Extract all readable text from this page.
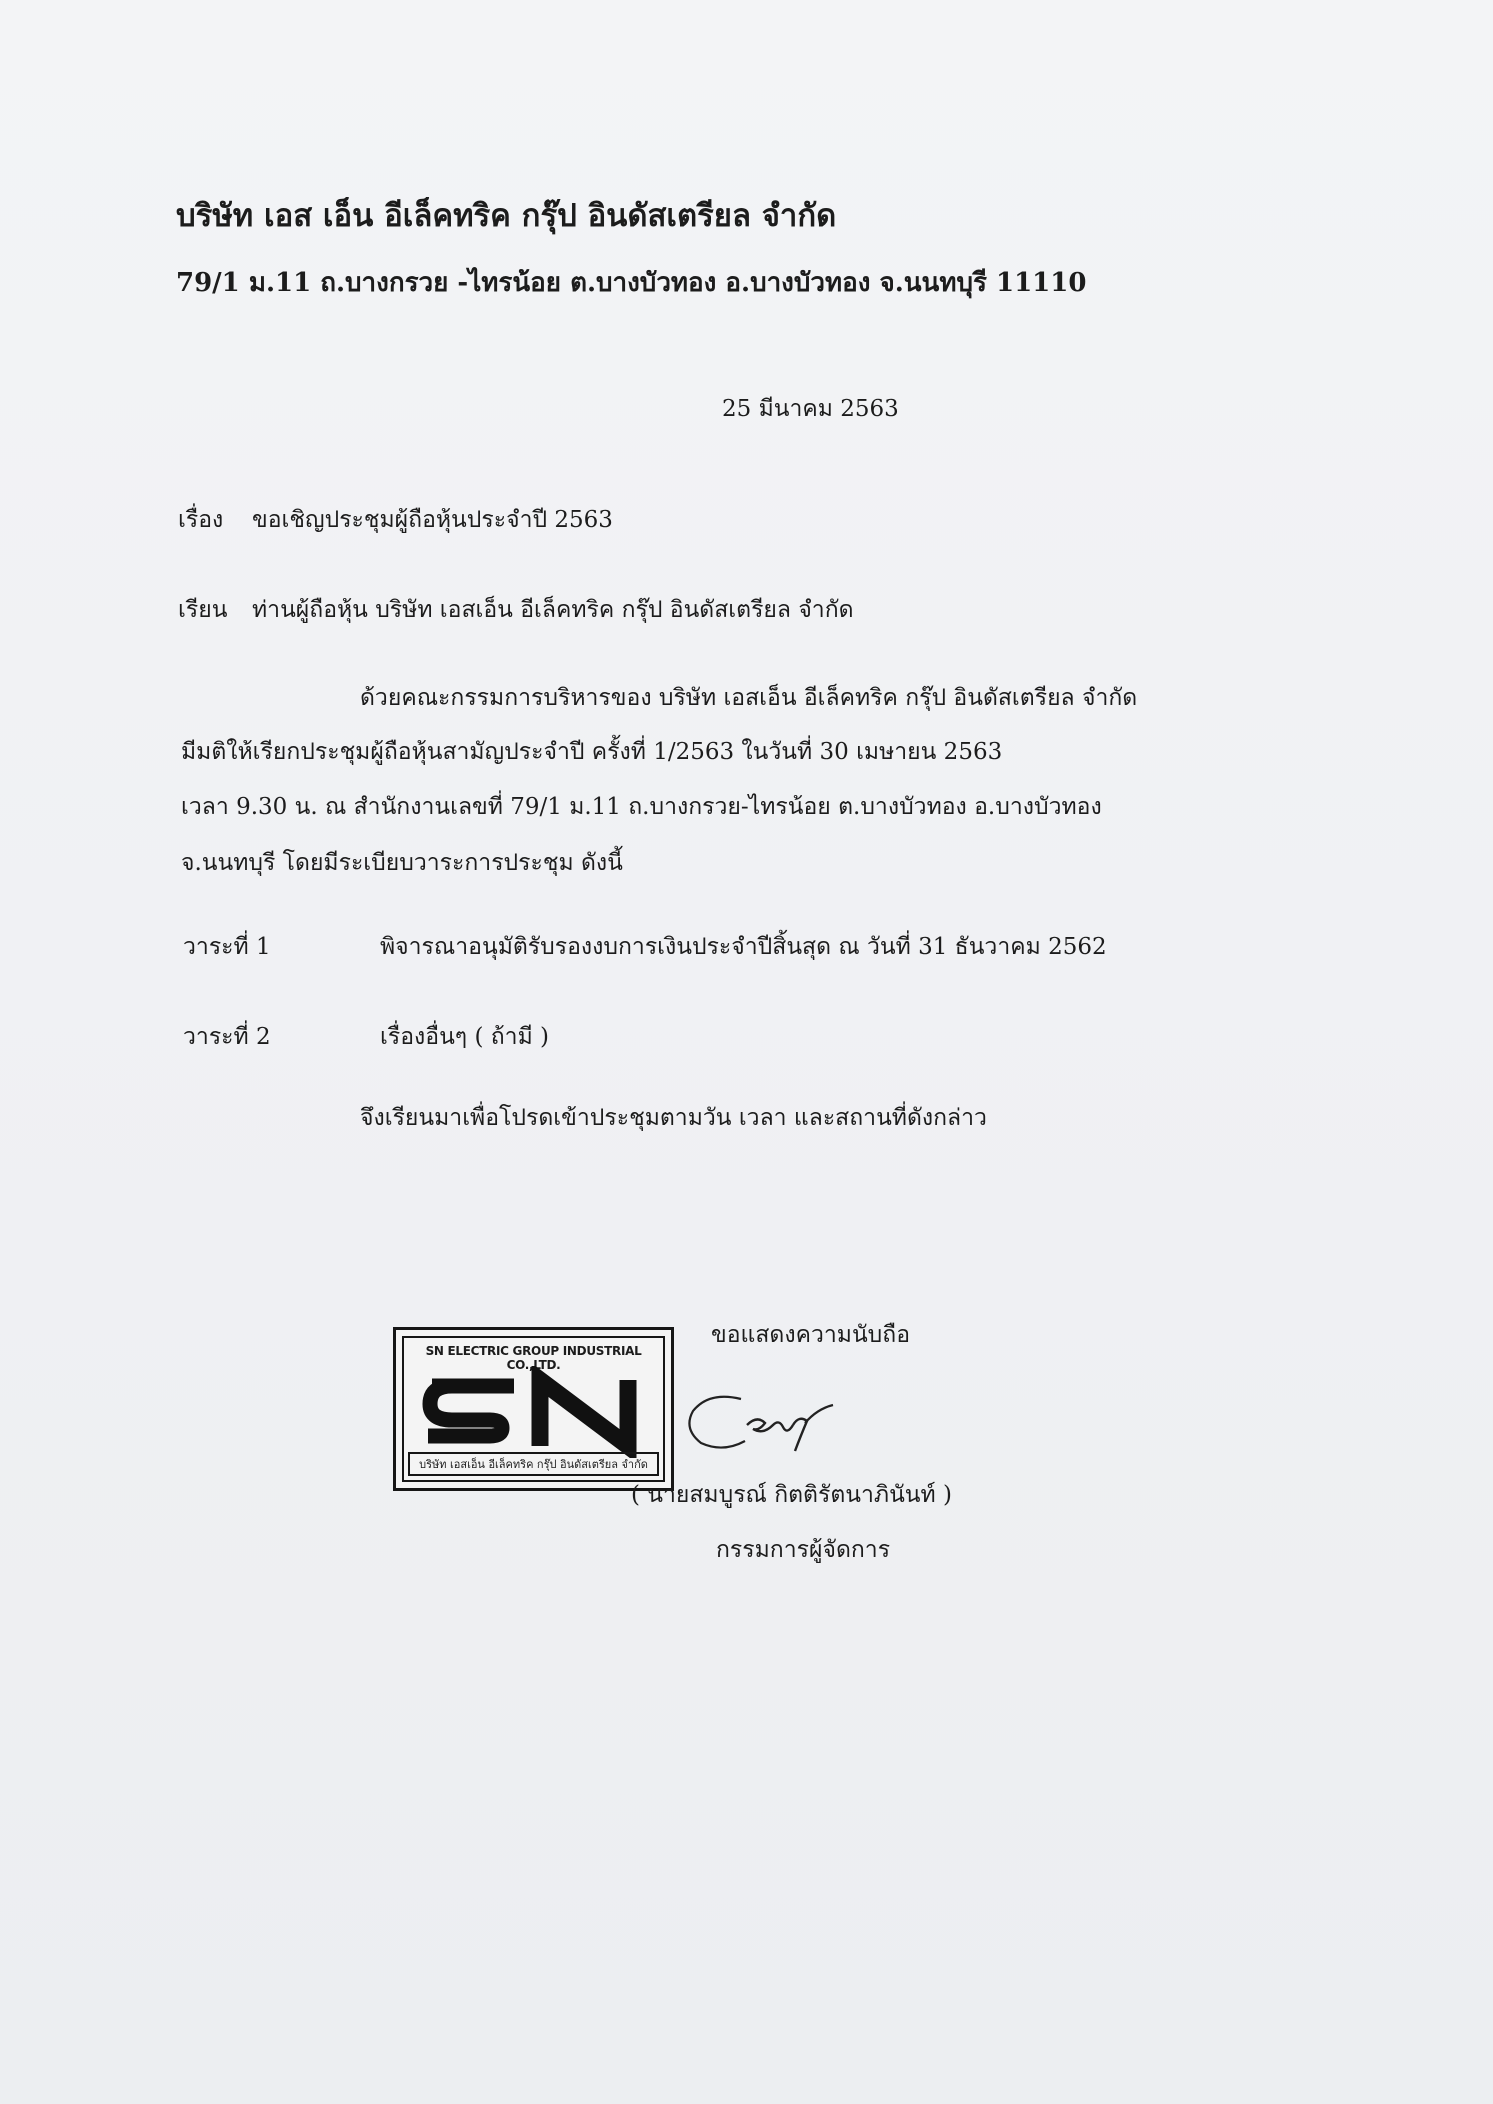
บริษัท เอส เอ็น อีเล็คทริค กรุ๊ป อินดัสเตรียล จำกัด
79/1 ม.11 ถ.บางกรวย -ไทรน้อย ต.บางบัวทอง อ.บางบัวทอง จ.นนทบุรี 11110
25 มีนาคม 2563
เรื่อง ขอเชิญประชุมผู้ถือหุ้นประจำปี 2563
เรียน ท่านผู้ถือหุ้น บริษัท เอสเอ็น อีเล็คทริค กรุ๊ป อินดัสเตรียล จำกัด
ด้วยคณะกรรมการบริหารของ บริษัท เอสเอ็น อีเล็คทริค กรุ๊ป อินดัสเตรียล จำกัด
มีมติให้เรียกประชุมผู้ถือหุ้นสามัญประจำปี ครั้งที่ 1/2563 ในวันที่ 30 เมษายน 2563
เวลา 9.30 น. ณ สำนักงานเลขที่ 79/1 ม.11 ถ.บางกรวย-ไทรน้อย ต.บางบัวทอง อ.บางบัวทอง
จ.นนทบุรี โดยมีระเบียบวาระการประชุม ดังนี้
วาระที่ 1	พิจารณาอนุมัติรับรองงบการเงินประจำปีสิ้นสุด ณ วันที่ 31 ธันวาคม 2562
วาระที่ 2	เรื่องอื่นๆ ( ถ้ามี )
จึงเรียนมาเพื่อโปรดเข้าประชุมตามวัน เวลา และสถานที่ดังกล่าว
ขอแสดงความนับถือ
SN ELECTRIC GROUP INDUSTRIAL CO.,LTD.
SN
บริษัท เอสเอ็น อีเล็คทริค กรุ๊ป อินดัสเตรียล จำกัด
( นายสมบูรณ์ กิตติรัตนาภินันท์ )
กรรมการผู้จัดการ
